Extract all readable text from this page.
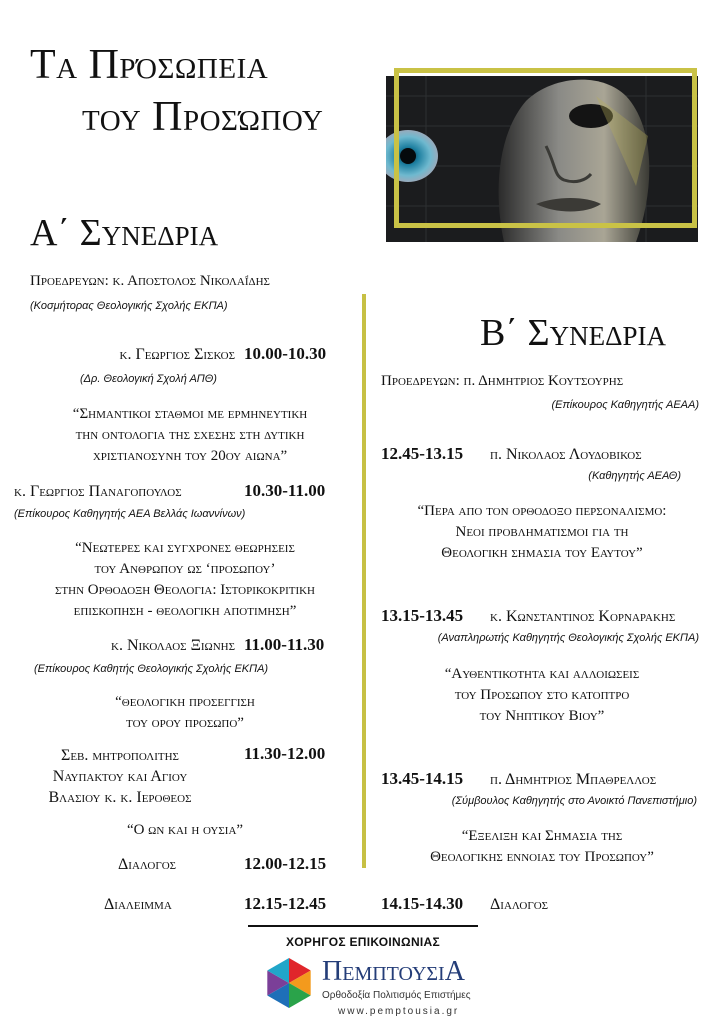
Τα Πρόσωπεια
του Προσώπου
Α΄ Συνεδρια
Προεδρευων: κ. Αποστολος Νικολαΐδης
(Κοσμήτορας Θεολογικής Σχολής ΕΚΠΑ)
κ. Γεωργιος Σισκος 10.00-10.30
(Δρ. Θεολογική Σχολή ΑΠΘ)
“Σημαντικοι σταθμοι με ερμηνευτικη
την οντολογια της σχεσης στη δυτικη
χριστιανοσυνη του 20ου αιωνα”
κ. Γεωργιος Παναγοπουλος	10.30-11.00
(Επίκουρος Καθηγητής ΑΕΑ Βελλάς Ιωαννίνων)
“Νεωτερες και συγχρονες θεωρησεις
του Ανθρωπου ως ‘προσωπου’
στην Ορθοδοξη Θεολογια: Ιστορικοκριτικη
επισκοπηση - θεολογικη αποτιμηση”
κ. Νικολαος Ξιωνης 11.00-11.30
(Επίκουρος Καθητής Θεολογικής Σχολής ΕΚΠΑ)
“θεολογικη προσεγγιση
του ορου προσωπο”
Σεβ. μητροπολιτης
Ναυπακτου και Αγιου
Βλασιου κ. κ. Ιεροθεος
11.30-12.00
“Ο ων και η ουσια”
Διαλογος	12.00-12.15
Διαλειμμα	12.15-12.45
Β΄ Συνεδρια
Προεδρευων: π. Δημητριος Κουτσουρης
(Επίκουρος Καθηγητής ΑΕΑΑ)
12.45-13.15 π. Νικολαος Λουδοβικος
(Καθηγητής ΑΕΑΘ)
“Περα απο τον ορθοδοξο περσοναλισμο:
Νεοι προβληματισμοι για τη
Θεολογικη σημασια του Εαυτου”
13.15-13.45 κ. Κωνσταντινος Κορναρακης
(Αναπληρωτής Καθηγητής Θεολογικής Σχολής ΕΚΠΑ)
“Αυθεντικοτητα και αλλοιωσεις
του Προσωπου στο κατοπτρο
του Νηπτικου Βιου”
13.45-14.15 π. Δημητριος Μπαθρελλος
(Σύμβουλος Καθηγητής στο Ανοικτό Πανεπιστήμιο)
“Εξελιξη και Σημασια της
Θεολογικης εννοιας του Προσωπου”
14.15-14.30 Διαλογος
ΧΟΡΗΓΟΣ ΕΠΙΚΟΙΝΩΝΙΑΣ
ΠεμπτουσιΑ
Ορθοδοξία Πολιτισμός Επιστήμες
www.pemptousia.gr
